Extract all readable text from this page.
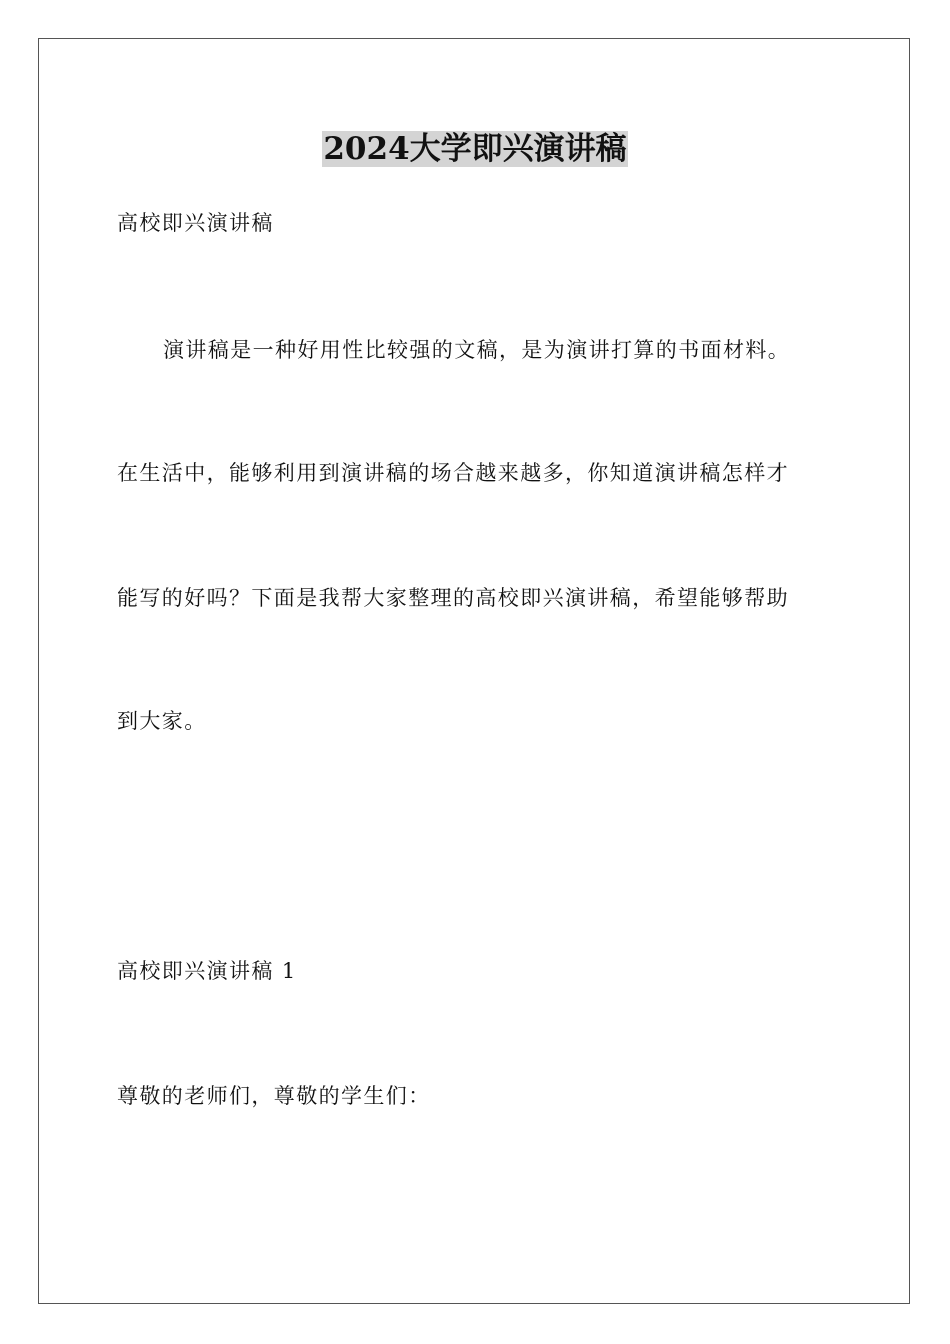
2024大学即兴演讲稿
高校即兴演讲稿
演讲稿是一种好用性比较强的文稿，是为演讲打算的书面材料。
在生活中，能够利用到演讲稿的场合越来越多，你知道演讲稿怎样才
能写的好吗？下面是我帮大家整理的高校即兴演讲稿，希望能够帮助
到大家。
高校即兴演讲稿 1
尊敬的老师们，尊敬的学生们：
